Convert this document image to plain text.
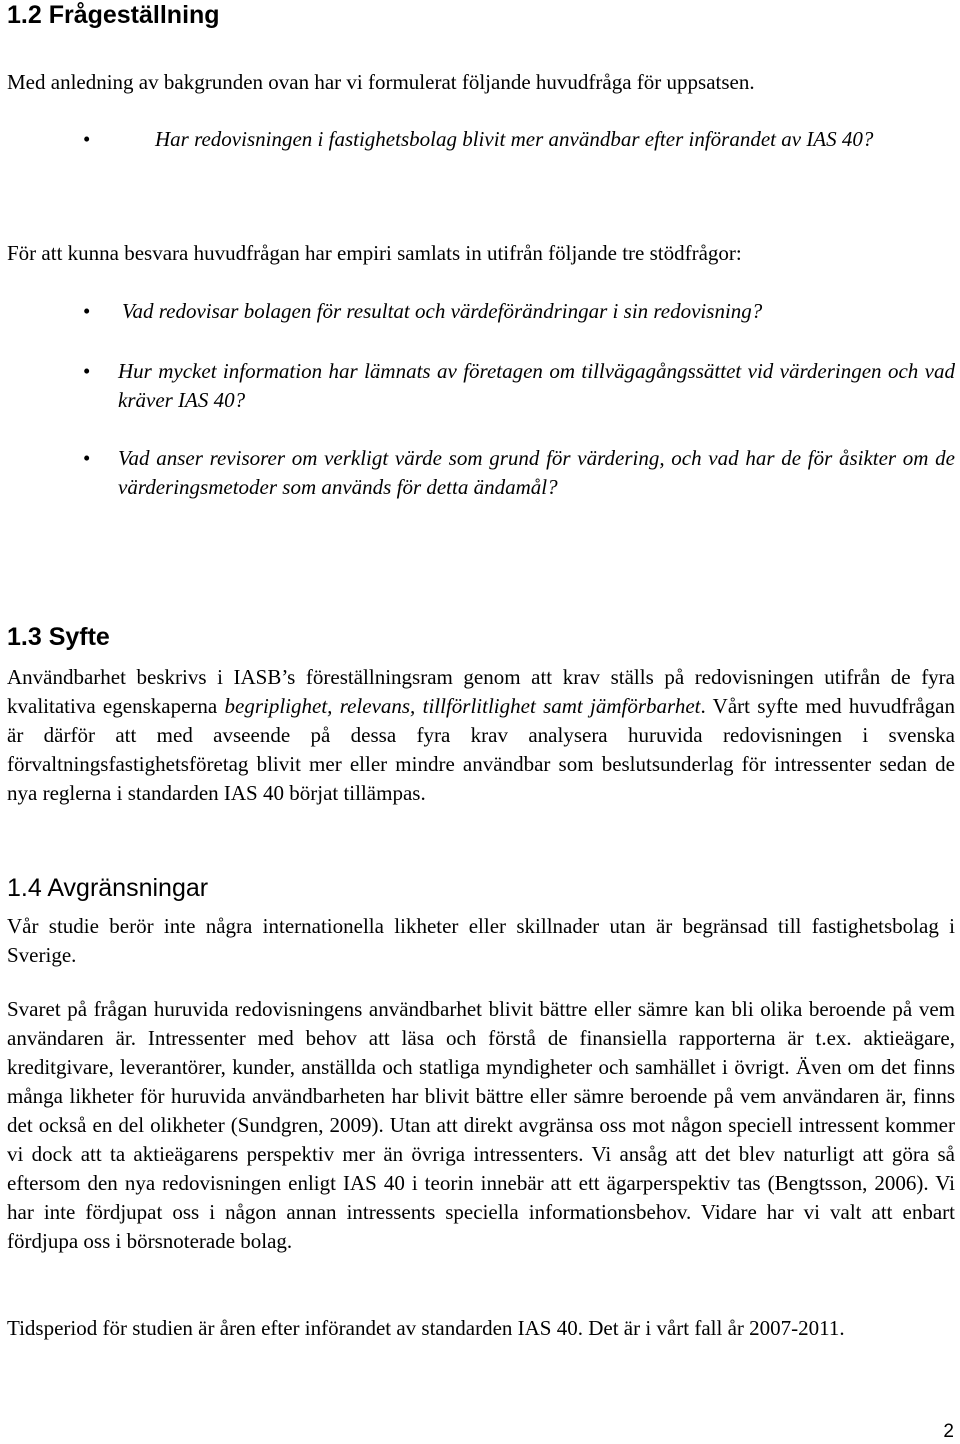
1.2 Frågeställning

Med anledning av bakgrunden ovan har vi formulerat följande huvudfråga för uppsatsen.

•	Har redovisningen i fastighetsbolag blivit mer användbar efter införandet av IAS 40?

För att kunna besvara huvudfrågan har empiri samlats in utifrån följande tre stödfrågor:

• Vad redovisar bolagen för resultat och värdeförändringar i sin redovisning?

• Hur mycket information har lämnats av företagen om tillvägagångssättet vid värderingen och vad kräver IAS 40?

• Vad anser revisorer om verkligt värde som grund för värdering, och vad har de för åsikter om de värderingsmetoder som används för detta ändamål?

1.3 Syfte

Användbarhet beskrivs i IASB’s föreställningsram genom att krav ställs på redovisningen utifrån de fyra kvalitativa egenskaperna begriplighet, relevans, tillförlitlighet samt jämförbarhet. Vårt syfte med huvudfrågan är därför att med avseende på dessa fyra krav analysera huruvida redovisningen i svenska förvaltningsfastighetsföretag blivit mer eller mindre användbar som beslutsunderlag för intressenter sedan de nya reglerna i standarden IAS 40 börjat tillämpas.

1.4 Avgränsningar

Vår studie berör inte några internationella likheter eller skillnader utan är begränsad till fastighetsbolag i Sverige.

Svaret på frågan huruvida redovisningens användbarhet blivit bättre eller sämre kan bli olika beroende på vem användaren är. Intressenter med behov att läsa och förstå de finansiella rapporterna är t.ex. aktieägare, kreditgivare, leverantörer, kunder, anställda och statliga myndigheter och samhället i övrigt. Även om det finns många likheter för huruvida användbarheten har blivit bättre eller sämre beroende på vem användaren är, finns det också en del olikheter (Sundgren, 2009). Utan att direkt avgränsa oss mot någon speciell intressent kommer vi dock att ta aktieägarens perspektiv mer än övriga intressenters. Vi ansåg att det blev naturligt att göra så eftersom den nya redovisningen enligt IAS 40 i teorin innebär att ett ägarperspektiv tas (Bengtsson, 2006). Vi har inte fördjupat oss i någon annan intressents speciella informationsbehov. Vidare har vi valt att enbart fördjupa oss i börsnoterade bolag.

Tidsperiod för studien är åren efter införandet av standarden IAS 40. Det är i vårt fall år 2007-2011.

2
